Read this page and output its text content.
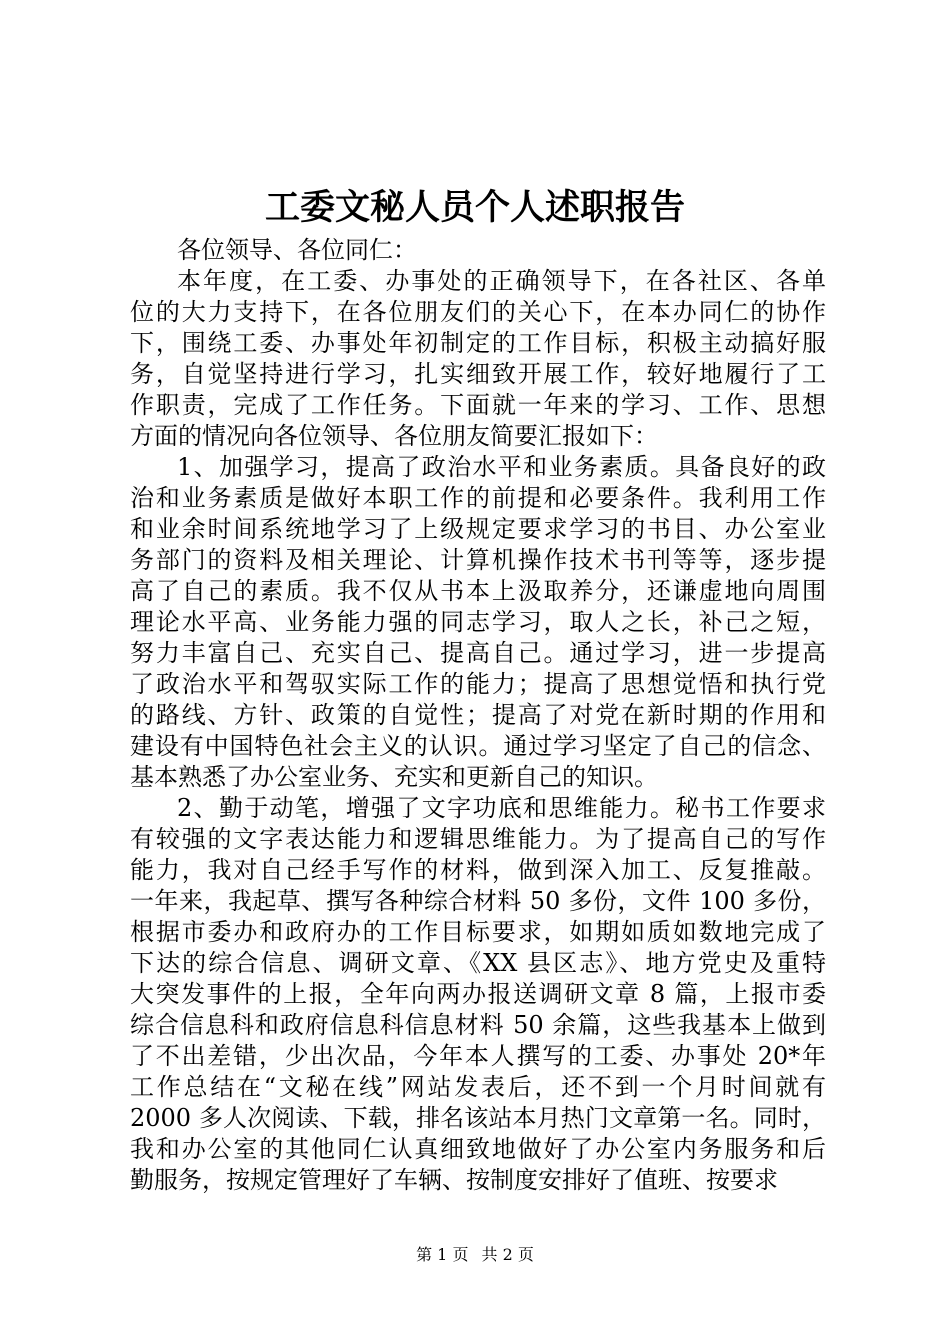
工委文秘人员个人述职报告
各位领导、各位同仁：
本年度，在工委、办事处的正确领导下，在各社区、各单
位的大力支持下，在各位朋友们的关心下，在本办同仁的协作
下，围绕工委、办事处年初制定的工作目标，积极主动搞好服
务，自觉坚持进行学习，扎实细致开展工作，较好地履行了工
作职责，完成了工作任务。下面就一年来的学习、工作、思想
方面的情况向各位领导、各位朋友简要汇报如下：
1、加强学习，提高了政治水平和业务素质。具备良好的政
治和业务素质是做好本职工作的前提和必要条件。我利用工作
和业余时间系统地学习了上级规定要求学习的书目、办公室业
务部门的资料及相关理论、计算机操作技术书刊等等，逐步提
高了自己的素质。我不仅从书本上汲取养分，还谦虚地向周围
理论水平高、业务能力强的同志学习，取人之长，补己之短，
努力丰富自己、充实自己、提高自己。通过学习，进一步提高
了政治水平和驾驭实际工作的能力；提高了思想觉悟和执行党
的路线、方针、政策的自觉性；提高了对党在新时期的作用和
建设有中国特色社会主义的认识。通过学习坚定了自己的信念、
基本熟悉了办公室业务、充实和更新自己的知识。
2、勤于动笔，增强了文字功底和思维能力。秘书工作要求
有较强的文字表达能力和逻辑思维能力。为了提高自己的写作
能力，我对自己经手写作的材料，做到深入加工、反复推敲。
一年来，我起草、撰写各种综合材料 50 多份，文件 100 多份，
根据市委办和政府办的工作目标要求，如期如质如数地完成了
下达的综合信息、调研文章、《XX 县区志》、地方党史及重特
大突发事件的上报，全年向两办报送调研文章 8 篇，上报市委
综合信息科和政府信息科信息材料 50 余篇，这些我基本上做到
了不出差错，少出次品，今年本人撰写的工委、办事处 20*年
工作总结在“文秘在线”网站发表后，还不到一个月时间就有
2000 多人次阅读、下载，排名该站本月热门文章第一名。同时，
我和办公室的其他同仁认真细致地做好了办公室内务服务和后
勤服务，按规定管理好了车辆、按制度安排好了值班、按要求
第 1 页 共 2 页
